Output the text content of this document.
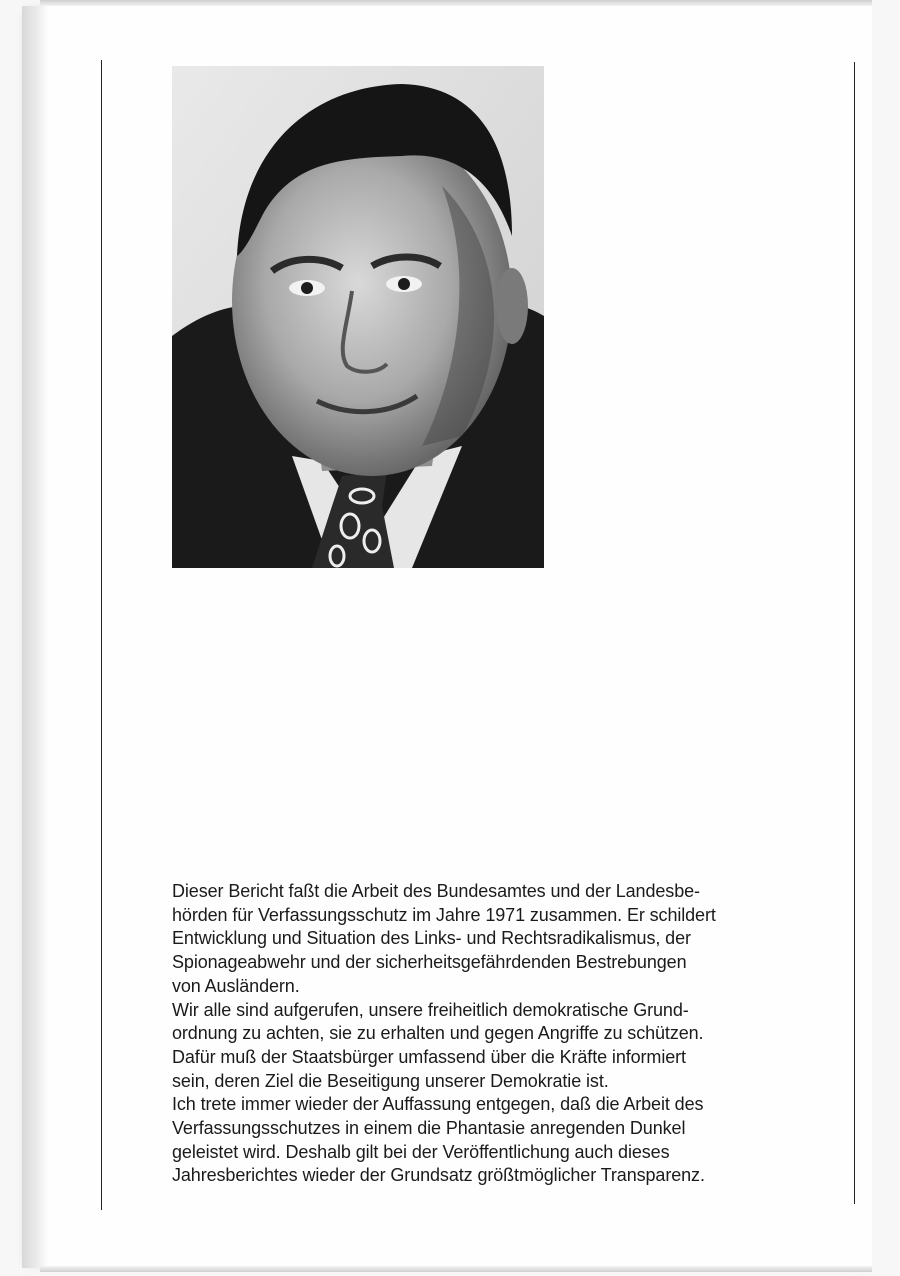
Dieser Bericht faßt die Arbeit des Bundesamtes und der Landesbe-
hörden für Verfassungsschutz im Jahre 1971 zusammen. Er schildert
Entwicklung und Situation des Links- und Rechtsradikalismus, der
Spionageabwehr und der sicherheitsgefährdenden Bestrebungen
von Ausländern.

Wir alle sind aufgerufen, unsere freiheitlich demokratische Grund-
ordnung zu achten, sie zu erhalten und gegen Angriffe zu schützen.
Dafür muß der Staatsbürger umfassend über die Kräfte informiert
sein, deren Ziel die Beseitigung unserer Demokratie ist.

Ich trete immer wieder der Auffassung entgegen, daß die Arbeit des
Verfassungsschutzes in einem die Phantasie anregenden Dunkel
geleistet wird. Deshalb gilt bei der Veröffentlichung auch dieses
Jahresberichtes wieder der Grundsatz größtmöglicher Transparenz.
